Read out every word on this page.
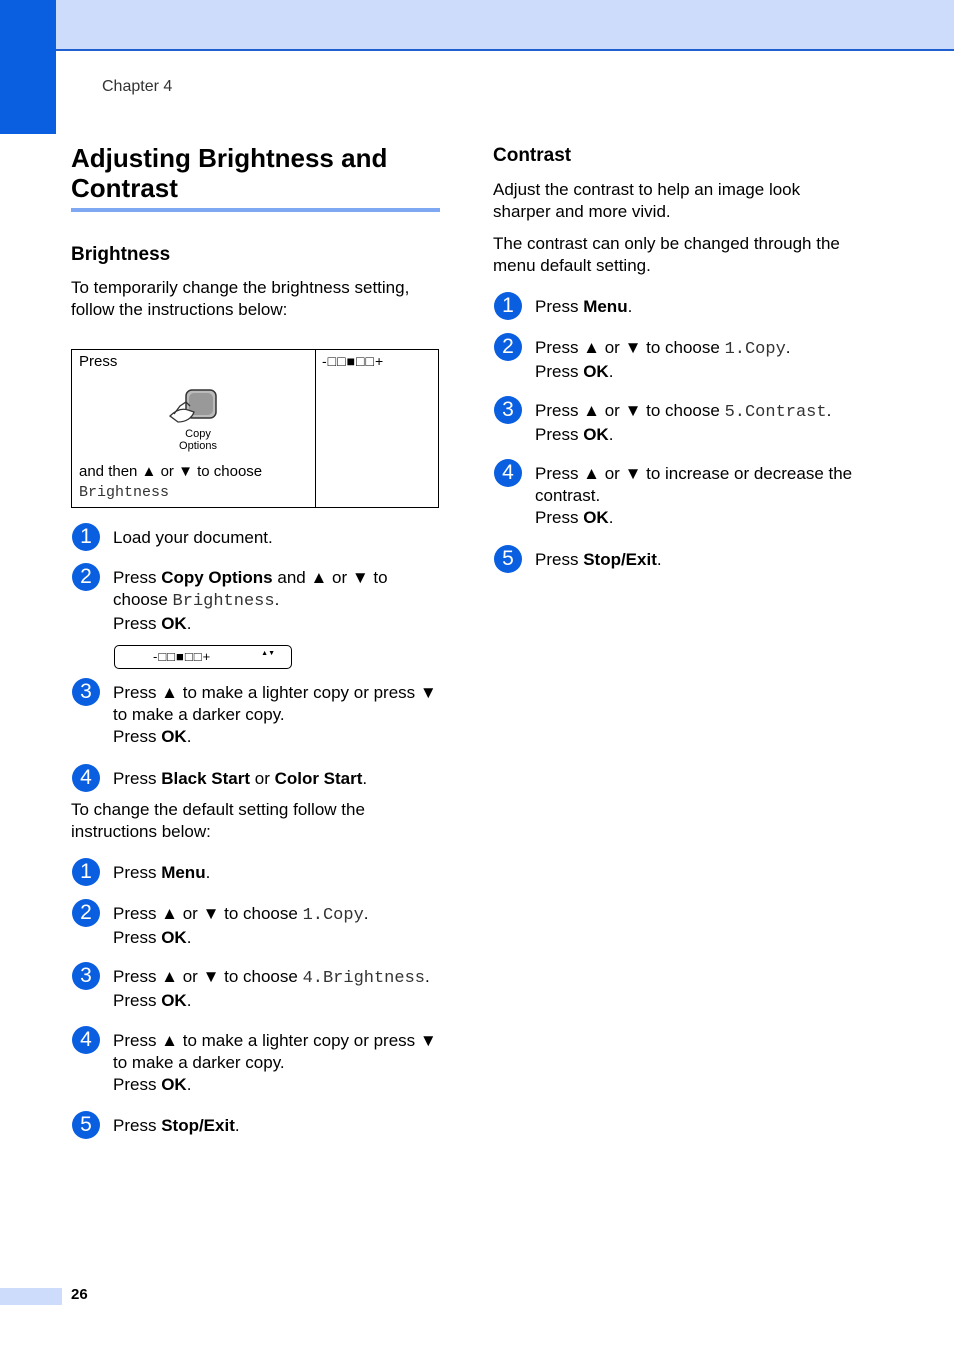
Chapter 4
Adjusting Brightness and Contrast
Brightness

To temporarily change the brightness setting, follow the instructions below:

Press
Copy Options
and then ▲ or ▼ to choose
Brightness
-□□■□□+
1	Load your document.
2	Press Copy Options and ▲ or ▼ to choose Brightness.
Press OK.
-□□■□□+	▲▼
3	Press ▲ to make a lighter copy or press ▼ to make a darker copy.
Press OK.
4	Press Black Start or Color Start.

To change the default setting follow the instructions below:

1	Press Menu.
2	Press ▲ or ▼ to choose 1.Copy.
Press OK.
3	Press ▲ or ▼ to choose 4.Brightness.
Press OK.
4	Press ▲ to make a lighter copy or press ▼ to make a darker copy.
Press OK.
5	Press Stop/Exit.
Contrast

Adjust the contrast to help an image look sharper and more vivid.

The contrast can only be changed through the menu default setting.

1	Press Menu.
2	Press ▲ or ▼ to choose 1.Copy.
Press OK.
3	Press ▲ or ▼ to choose 5.Contrast.
Press OK.
4	Press ▲ or ▼ to increase or decrease the contrast.
Press OK.
5	Press Stop/Exit.
26
